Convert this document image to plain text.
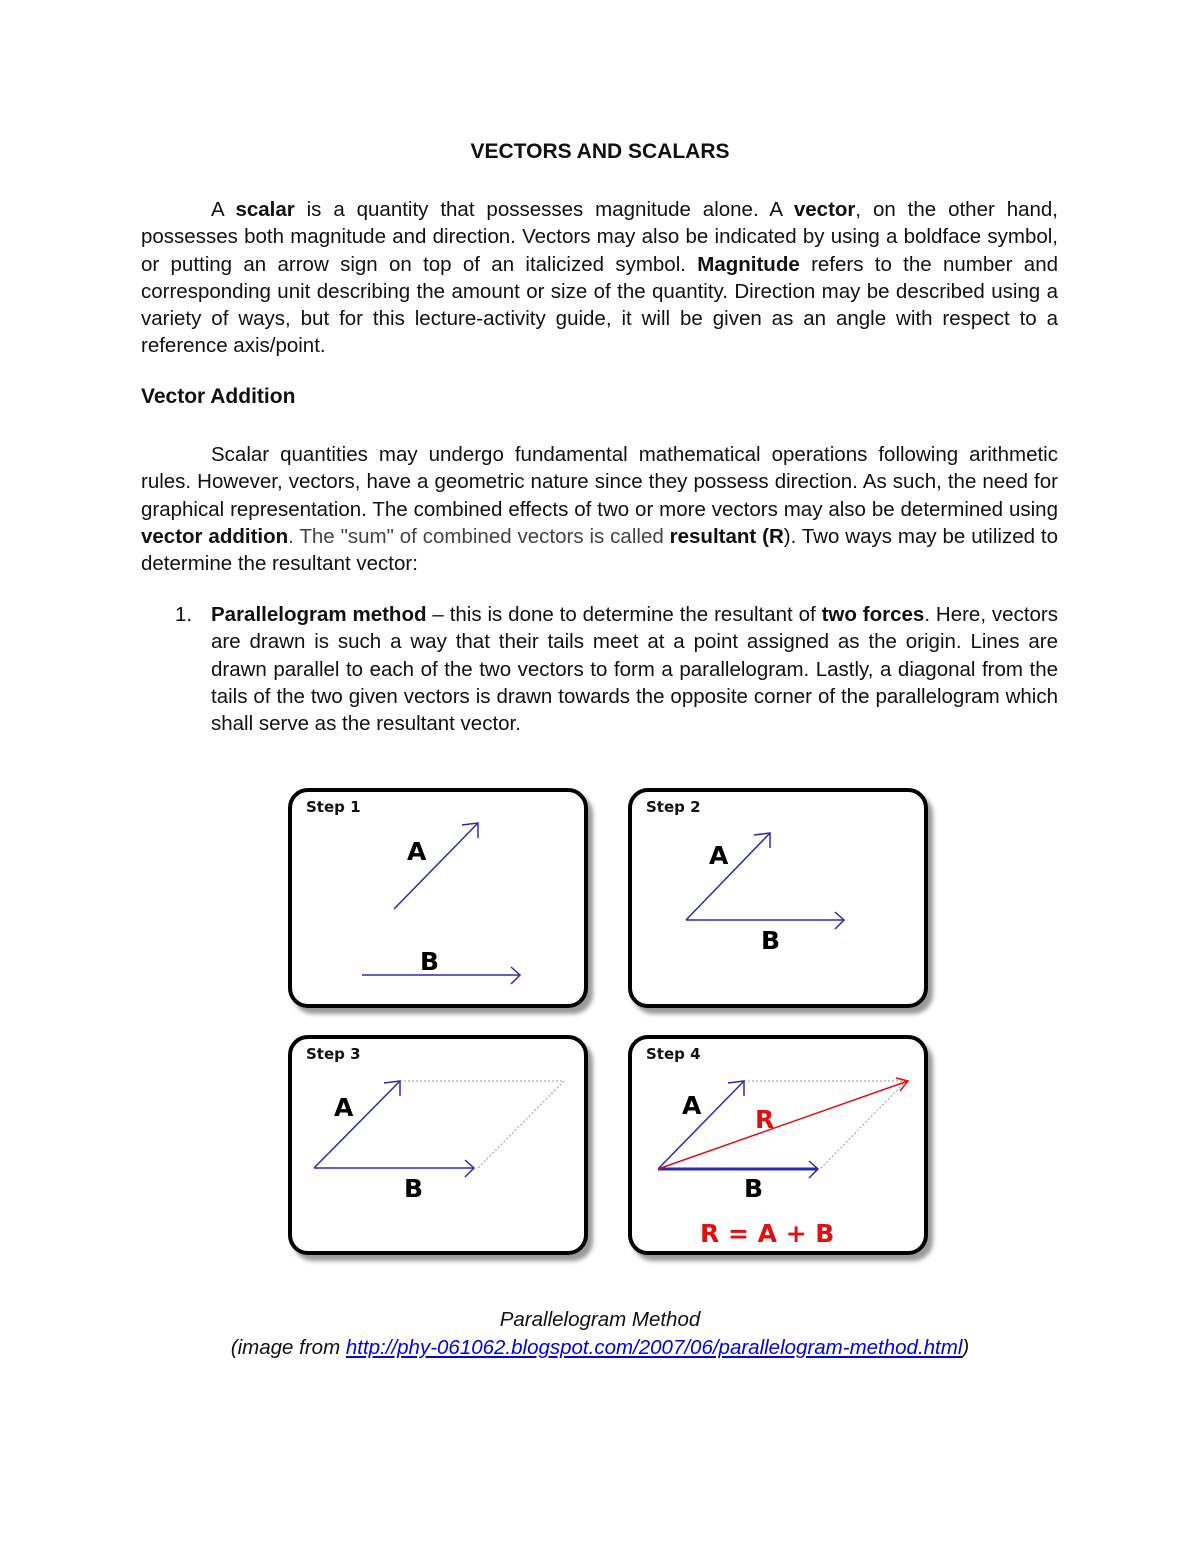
VECTORS AND SCALARS

A scalar is a quantity that possesses magnitude alone. A vector, on the other hand, possesses both magnitude and direction. Vectors may also be indicated by using a boldface symbol, or putting an arrow sign on top of an italicized symbol. Magnitude refers to the number and corresponding unit describing the amount or size of the quantity. Direction may be described using a variety of ways, but for this lecture-activity guide, it will be given as an angle with respect to a reference axis/point.

Vector Addition

Scalar quantities may undergo fundamental mathematical operations following arithmetic rules. However, vectors, have a geometric nature since they possess direction. As such, the need for graphical representation. The combined effects of two or more vectors may also be determined using vector addition. The "sum" of combined vectors is called resultant (R). Two ways may be utilized to determine the resultant vector:

1. Parallelogram method – this is done to determine the resultant of two forces. Here, vectors are drawn is such a way that their tails meet at a point assigned as the origin. Lines are drawn parallel to each of the two vectors to form a parallelogram. Lastly, a diagonal from the tails of the two given vectors is drawn towards the opposite corner of the parallelogram which shall serve as the resultant vector.

Step 1
A
B
Step 2
A
B
Step 3
A
B
Step 4
A R
B
R = A + B

Parallelogram Method

(image from http://phy-061062.blogspot.com/2007/06/parallelogram-method.html)
